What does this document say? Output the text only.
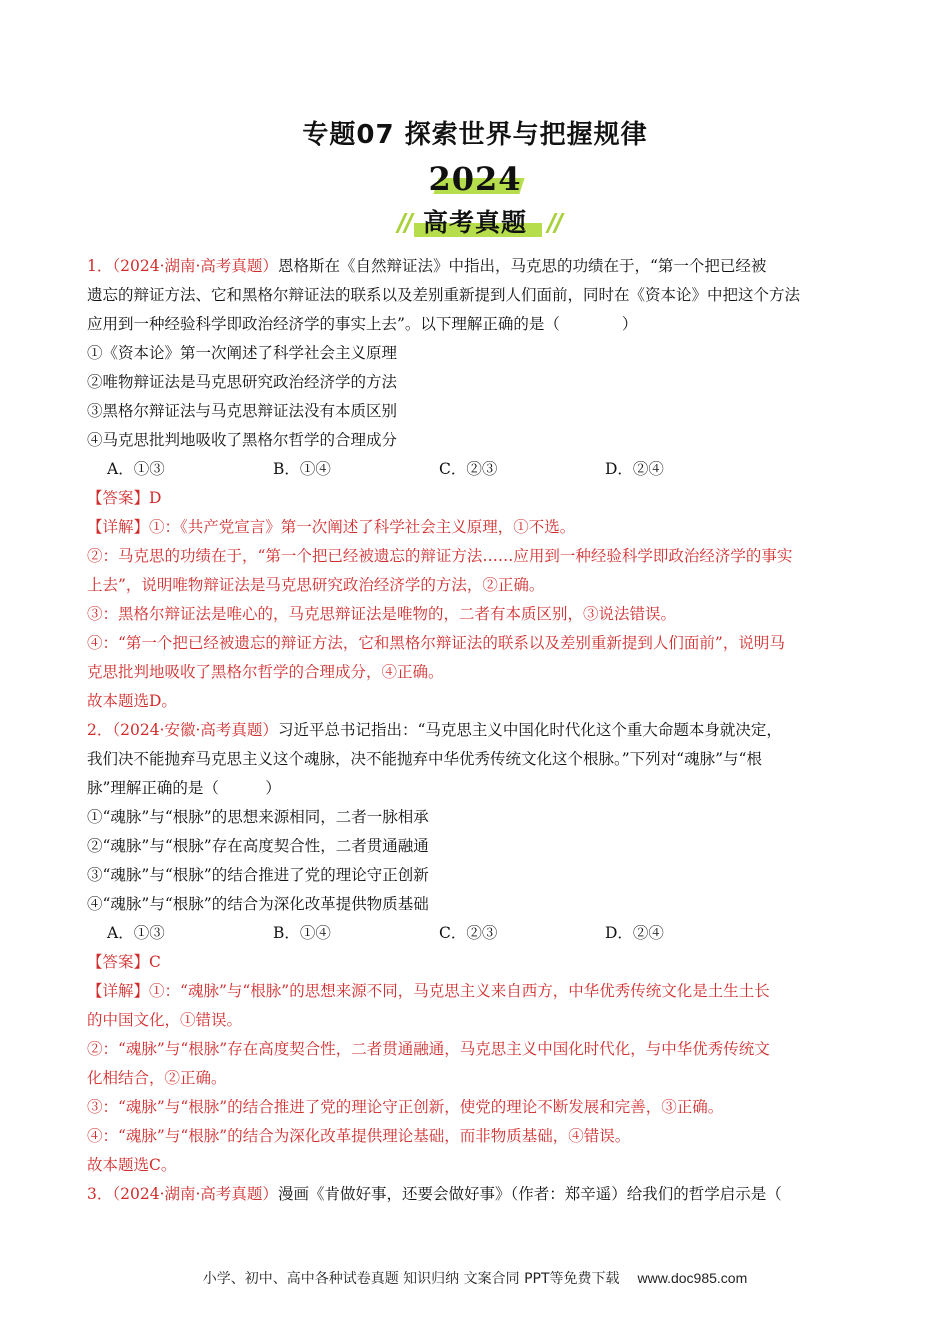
专题07 探索世界与把握规律
2024
高考真题

1．（2024·湖南·高考真题）恩格斯在《自然辩证法》中指出，马克思的功绩在于，“第一个把已经被

遗忘的辩证方法、它和黑格尔辩证法的联系以及差别重新提到人们面前，同时在《资本论》中把这个方法

应用到一种经验科学即政治经济学的事实上去”。以下理解正确的是（　　　　）

①《资本论》第一次阐述了科学社会主义原理

②唯物辩证法是马克思研究政治经济学的方法

③黑格尔辩证法与马克思辩证法没有本质区别

④马克思批判地吸收了黑格尔哲学的合理成分

A．①③	B．①④	C．②③	D．②④

【答案】D

【详解】①：《共产党宣言》第一次阐述了科学社会主义原理，①不选。

②：马克思的功绩在于，“第一个把已经被遗忘的辩证方法……应用到一种经验科学即政治经济学的事实

上去”，说明唯物辩证法是马克思研究政治经济学的方法，②正确。

③：黑格尔辩证法是唯心的，马克思辩证法是唯物的，二者有本质区别，③说法错误。

④：“第一个把已经被遗忘的辩证方法，它和黑格尔辩证法的联系以及差别重新提到人们面前”，说明马

克思批判地吸收了黑格尔哲学的合理成分，④正确。

故本题选D。

2．（2024·安徽·高考真题）习近平总书记指出：“马克思主义中国化时代化这个重大命题本身就决定，

我们决不能抛弃马克思主义这个魂脉，决不能抛弃中华优秀传统文化这个根脉。”下列对“魂脉”与“根

脉”理解正确的是（　　　）

①“魂脉”与“根脉”的思想来源相同，二者一脉相承

②“魂脉”与“根脉”存在高度契合性，二者贯通融通

③“魂脉”与“根脉”的结合推进了党的理论守正创新

④“魂脉”与“根脉”的结合为深化改革提供物质基础

A．①③	B．①④	C．②③	D．②④

【答案】C

【详解】①：“魂脉”与“根脉”的思想来源不同，马克思主义来自西方，中华优秀传统文化是土生土长

的中国文化，①错误。

②：“魂脉”与“根脉”存在高度契合性，二者贯通融通，马克思主义中国化时代化，与中华优秀传统文

化相结合，②正确。

③：“魂脉”与“根脉”的结合推进了党的理论守正创新，使党的理论不断发展和完善，③正确。

④：“魂脉”与“根脉”的结合为深化改革提供理论基础，而非物质基础，④错误。

故本题选C。

3．（2024·湖南·高考真题）漫画《肯做好事，还要会做好事》（作者：郑辛遥）给我们的哲学启示是（

小学、初中、高中各种试卷真题 知识归纳 文案合同 PPT等免费下载 www.doc985.com
